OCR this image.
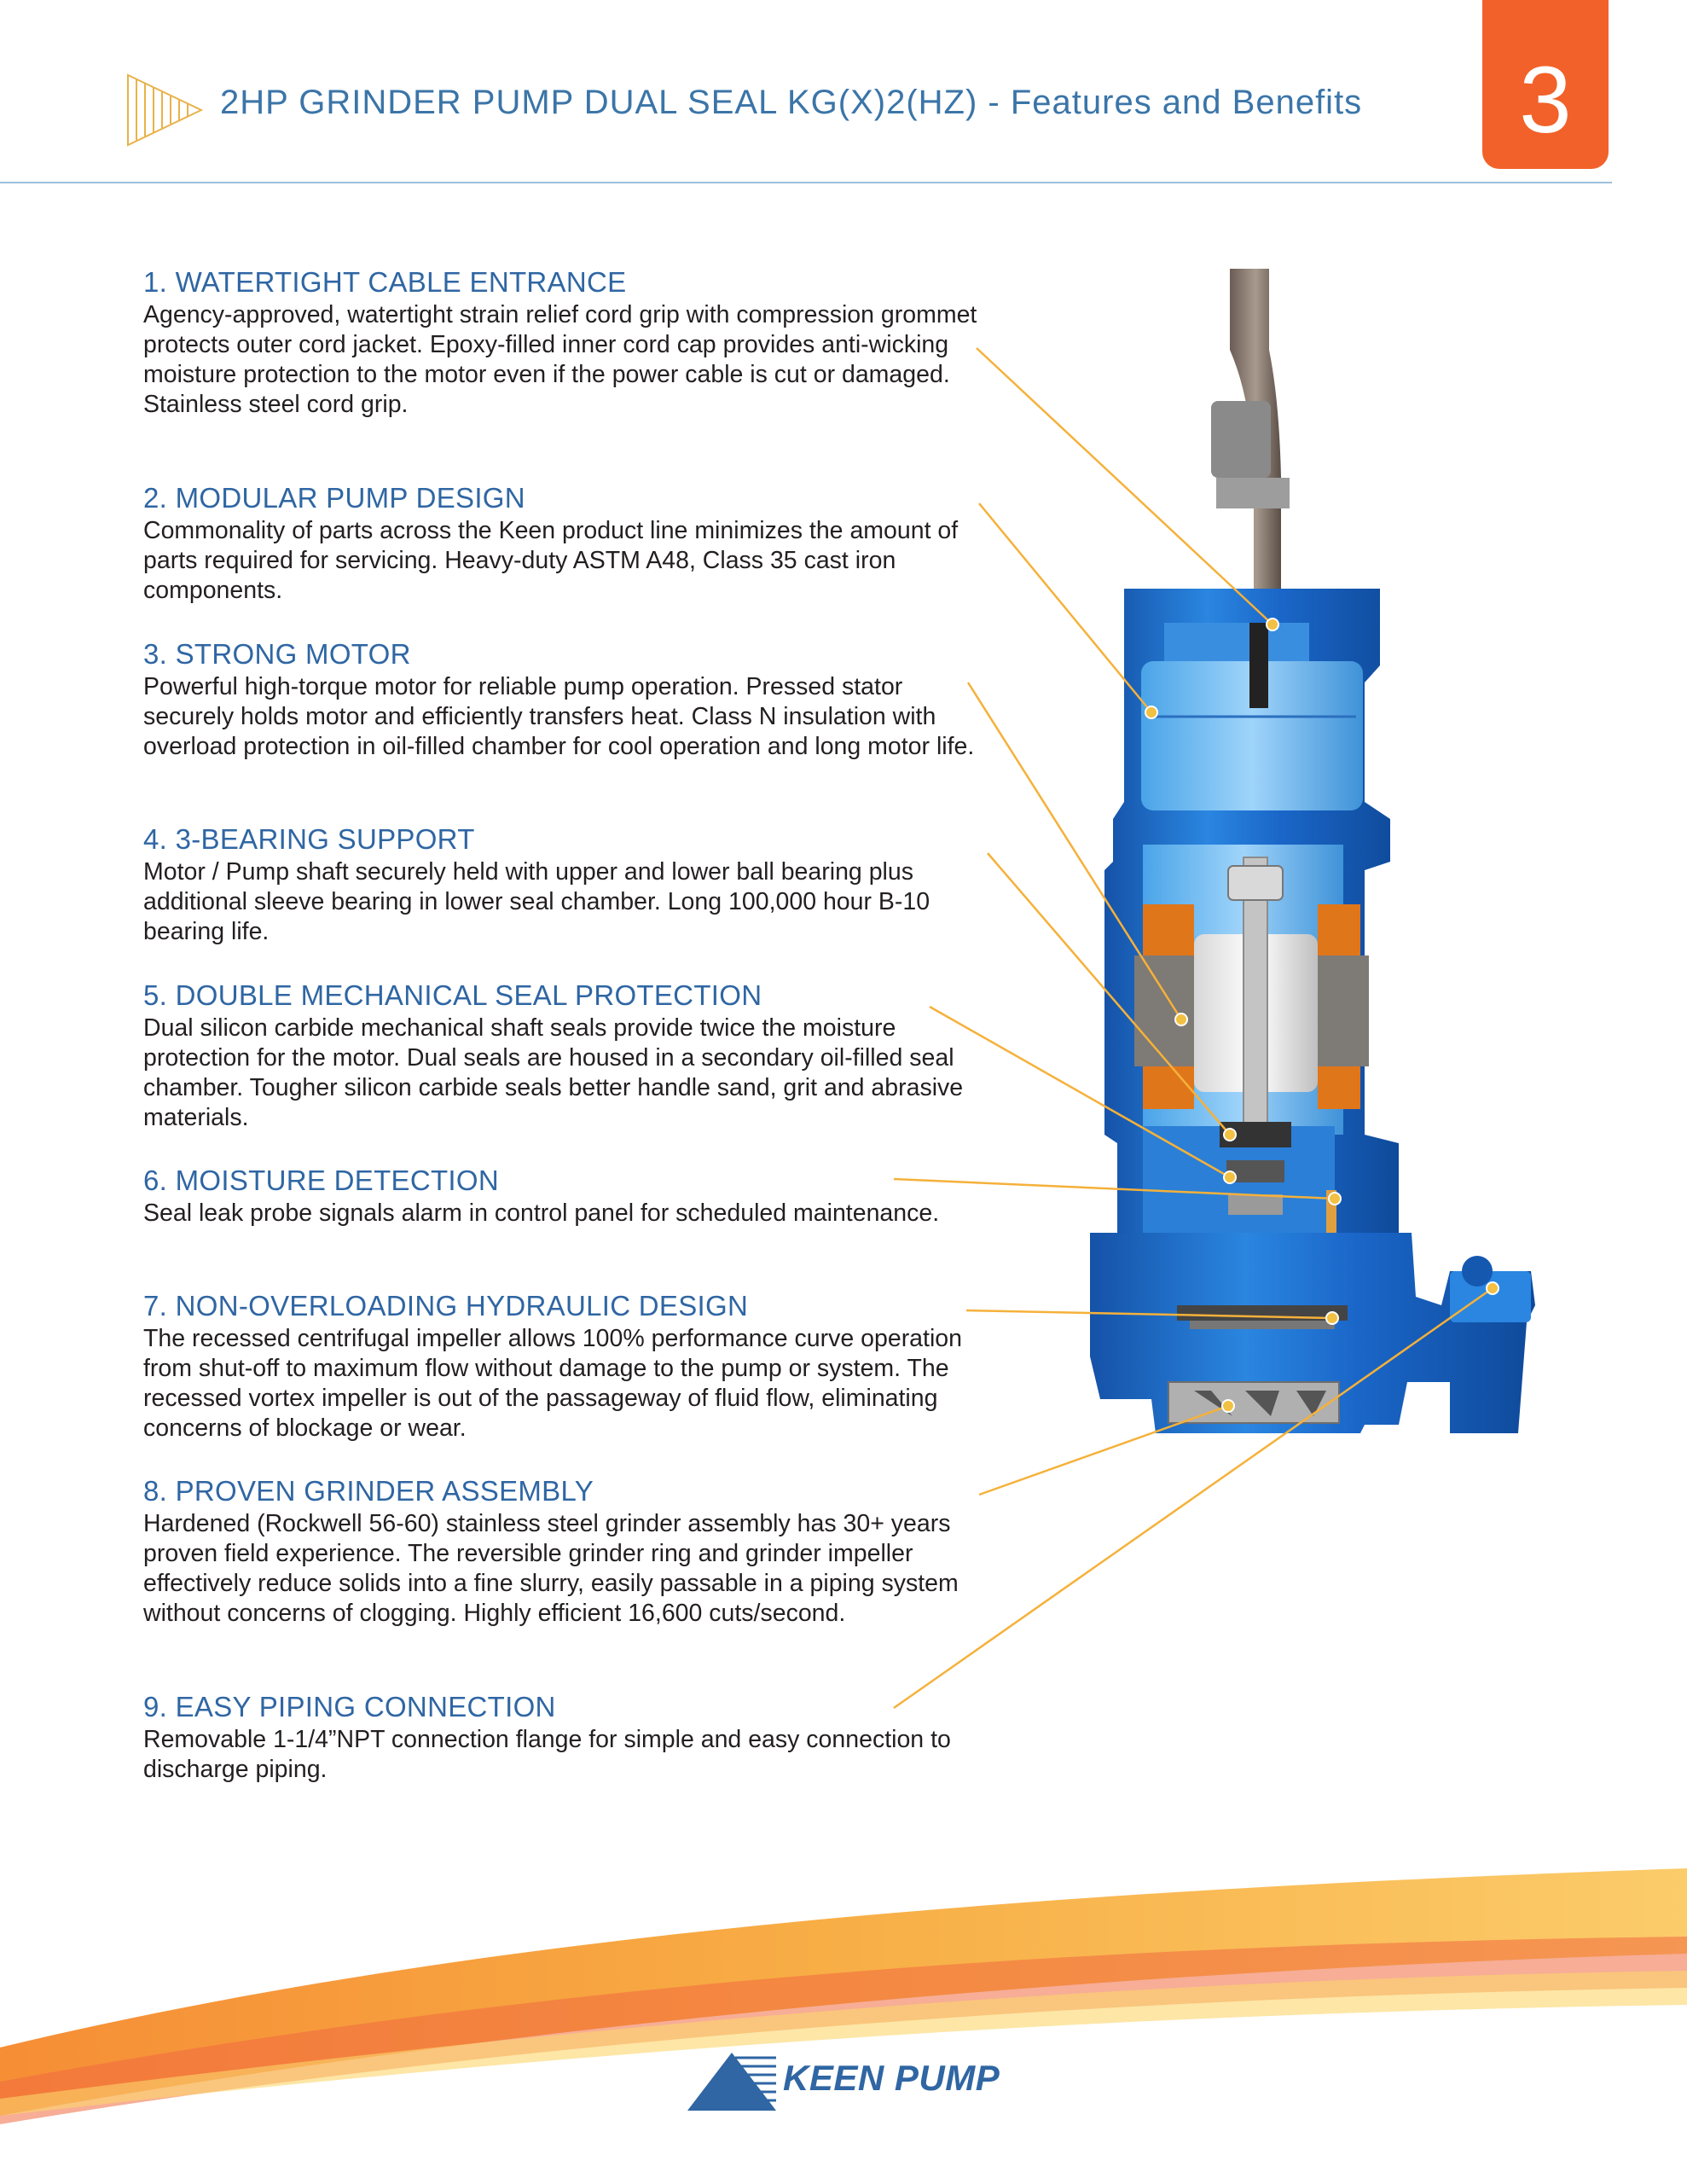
2HP GRINDER PUMP DUAL SEAL KG(X)2(HZ) - Features and Benefits	3
1. WATERTIGHT CABLE ENTRANCE

Agency-approved, watertight strain relief cord grip with compression grommet protects outer cord jacket. Epoxy-filled inner cord cap provides anti-wicking moisture protection to the motor even if the power cable is cut or damaged. Stainless steel cord grip.

2. MODULAR PUMP DESIGN

Commonality of parts across the Keen product line minimizes the amount of parts required for servicing. Heavy-duty ASTM A48, Class 35 cast iron components.

3. STRONG MOTOR

Powerful high-torque motor for reliable pump operation. Pressed stator securely holds motor and efficiently transfers heat. Class N insulation with overload protection in oil-filled chamber for cool operation and long motor life.

4. 3-BEARING SUPPORT

Motor / Pump shaft securely held with upper and lower ball bearing plus additional sleeve bearing in lower seal chamber. Long 100,000 hour B-10 bearing life.

5. DOUBLE MECHANICAL SEAL PROTECTION

Dual silicon carbide mechanical shaft seals provide twice the moisture protection for the motor. Dual seals are housed in a secondary oil-filled seal chamber. Tougher silicon carbide seals better handle sand, grit and abrasive materials.

6. MOISTURE DETECTION

Seal leak probe signals alarm in control panel for scheduled maintenance.

7. NON-OVERLOADING HYDRAULIC DESIGN

The recessed centrifugal impeller allows 100% performance curve operation from shut-off to maximum flow without damage to the pump or system. The recessed vortex impeller is out of the passageway of fluid flow, eliminating concerns of blockage or wear.

8. PROVEN GRINDER ASSEMBLY

Hardened (Rockwell 56-60) stainless steel grinder assembly has 30+ years proven field experience. The reversible grinder ring and grinder impeller effectively reduce solids into a fine slurry, easily passable in a piping system without concerns of clogging. Highly efficient 16,600 cuts/second.

9. EASY PIPING CONNECTION

Removable 1-1/4”NPT connection flange for simple and easy connection to discharge piping.

KEEN PUMP
